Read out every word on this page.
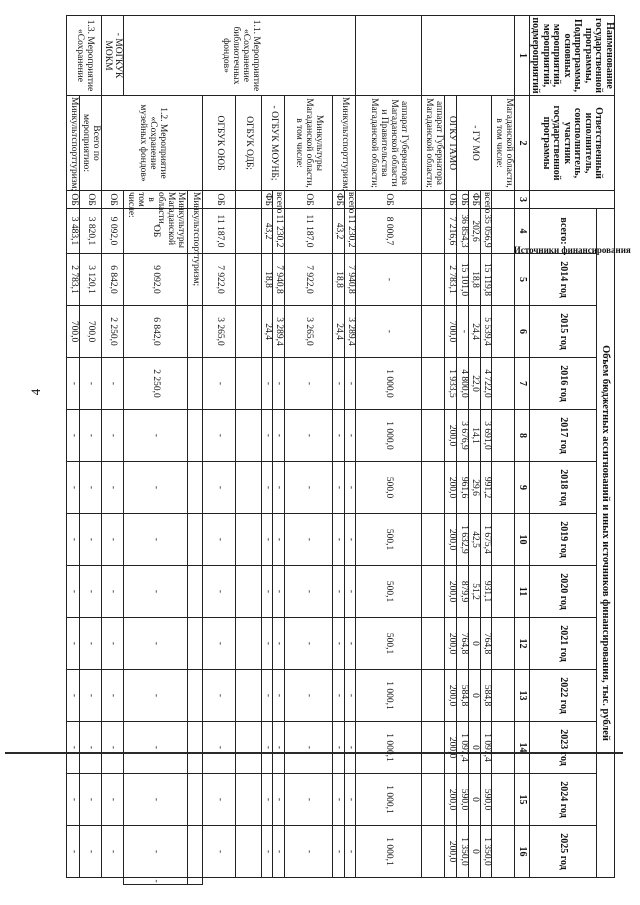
4
Наименование государственной программы, Подпрограммы, основных мероприятий, мероприятий, подмероприятий	Ответственный исполнитель, соисполнитель, участник государственной программы	Источники финансирования	Объем бюджетных ассигнований и иных источников финансирования, тыс. рублей													
			всего:	2014 год	2015 год	2016 год	2017 год	2018 год	2019 год	2020 год	2021 год	2022 год	2023 год	2024 год	2025 год	
1	2	3	4	5	6	7	8	9	10	11	12	13	14	15	16	
	Магаданской области, в том числе:															
	- ГУ МО	всего	35 056,9	15 119,8	5 539,4	4 722,0	3 691,0	991,2	1 675,4	931,1	764,8	584,8	1 097,4	590,0	1 350,0	
		ФБ	202,6	18,8	24,4	22,0	14,1	29,6	42,5	51,2	0	0	0	0	0	
		ОБ	36 854,3	15 101,0	-	4 800,0	3 676,9	961,6	1 632,9	879,9	764,8	584,8	1 097,4	590,0	1 350,0	
	ОГКУ ГАМО	ОБ	7 216,6	2 783,1	700,0	1 933,5	200,0	200,0	200,0	200,0	200,0	200,0	200,0	200,0	200,0	
	аппарат Губернатора Магаданской области;															
	аппарат Губернатора Магаданской области и Правительства Магаданской области;	ОБ	8 000,7	-	-	1 000,0	1 000,0	500,0	500,1	500,1	500,1	1 000,1	1 000,1	1 000,1	1 000,1	
1.1. Мероприятие «Сохранение библиотечных фондов»	Минкультспорттуризм;	всего	11 230,2	7 940,8	3 289,4	-	-	-	-	-	-	-	-	-	-	
		ФБ	43,2	18,8	24,4	-	-	-	-	-	-	-	-	-	-	
	Минкультуры Магаданской области, в том числе:	ОБ	11 187,0	7 922,0	3 265,0	-	-	-	-	-	-	-	-	-	-	
	- ОГБУК МОУНБ;	всего	11 230,2	7 940,8	3 289,4	-	-	-	-	-	-	-	-	-	-	
		ФБ	43,2	18,8	24,4	-	-	-	-	-	-	-	-	-	-	
	ОГБУК ОДБ;															
	ОГБУК ОЮБ	ОБ	11 187,0	7 922,0	3 265,0	-	-	-	-	-	-	-	-	-	-	
	1.2. Мероприятие «Сохранение музейных фондов»	Минкультспорттуризм;														
		Минкультуры Магаданской области, в том числе:	ОБ	9 092,0	6 842,0	2 250,0	-	-	-	-	-	-	-	-	-	-
- МОГКУК МОКМ		ОБ	9 092,0	6 842,0	2 250,0	-	-	-	-	-	-	-	-	-	-	
1.3. Мероприятие «Сохранение	Всего по мероприятию:	ОБ	3 820,1	3 120,1	700,0	-	-	-	-	-	-	-	-	-	-	
	Минкультспорттуризм;	ОБ	3 483,1	2 783,1	700,0	-	-	-	-	-	-	-	-	-	-	
